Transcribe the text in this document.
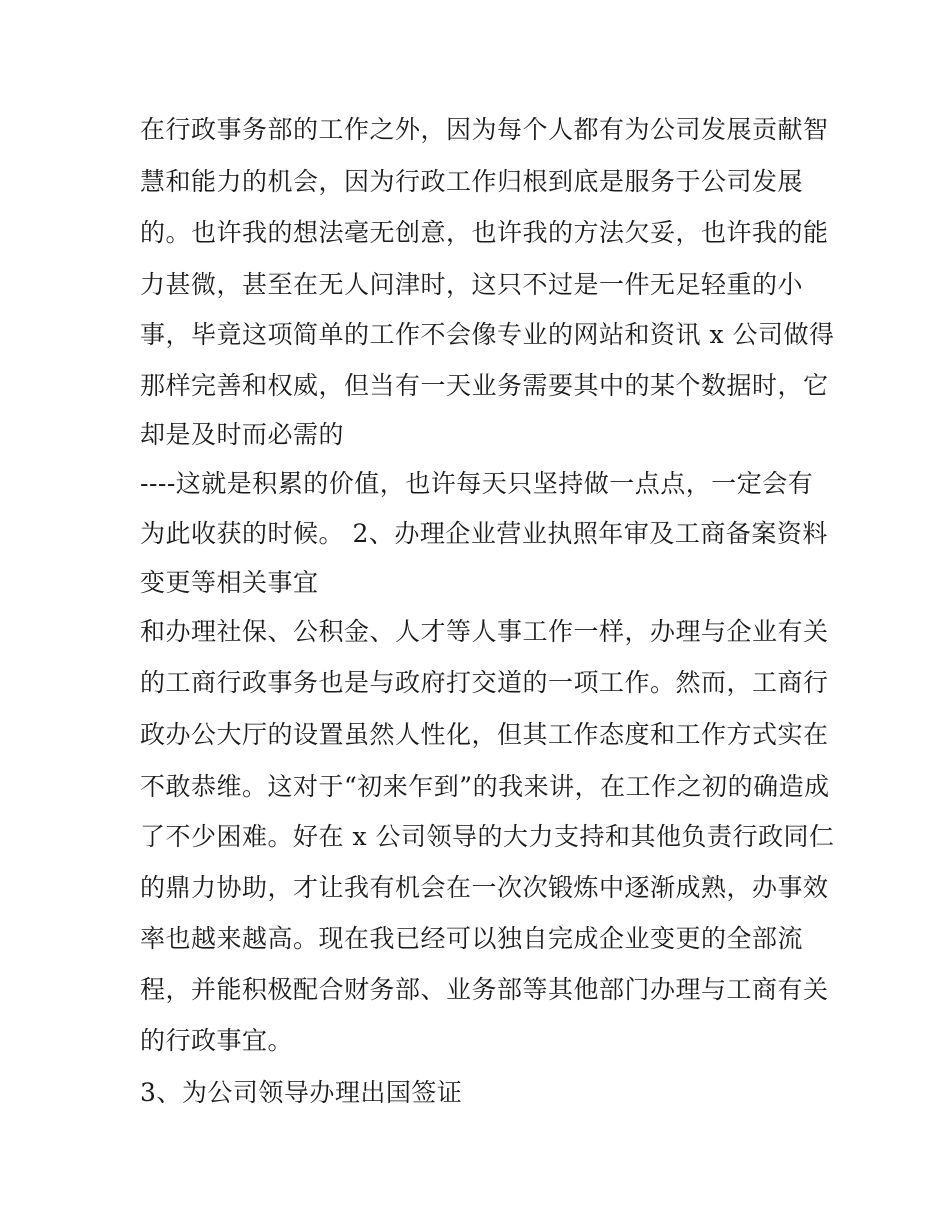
在行政事务部的工作之外，因为每个人都有为公司发展贡献智
慧和能力的机会，因为行政工作归根到底是服务于公司发展
的。也许我的想法毫无创意，也许我的方法欠妥，也许我的能
力甚微，甚至在无人问津时，这只不过是一件无足轻重的小
事，毕竟这项简单的工作不会像专业的网站和资讯 x 公司做得
那样完善和权威，但当有一天业务需要其中的某个数据时，它
却是及时而必需的
----这就是积累的价值，也许每天只坚持做一点点，一定会有
为此收获的时候。 2、办理企业营业执照年审及工商备案资料
变更等相关事宜
和办理社保、公积金、人才等人事工作一样，办理与企业有关
的工商行政事务也是与政府打交道的一项工作。然而，工商行
政办公大厅的设置虽然人性化，但其工作态度和工作方式实在
不敢恭维。这对于“初来乍到”的我来讲，在工作之初的确造成
了不少困难。好在 x 公司领导的大力支持和其他负责行政同仁
的鼎力协助，才让我有机会在一次次锻炼中逐渐成熟，办事效
率也越来越高。现在我已经可以独自完成企业变更的全部流
程，并能积极配合财务部、业务部等其他部门办理与工商有关
的行政事宜。
3、为公司领导办理出国签证
